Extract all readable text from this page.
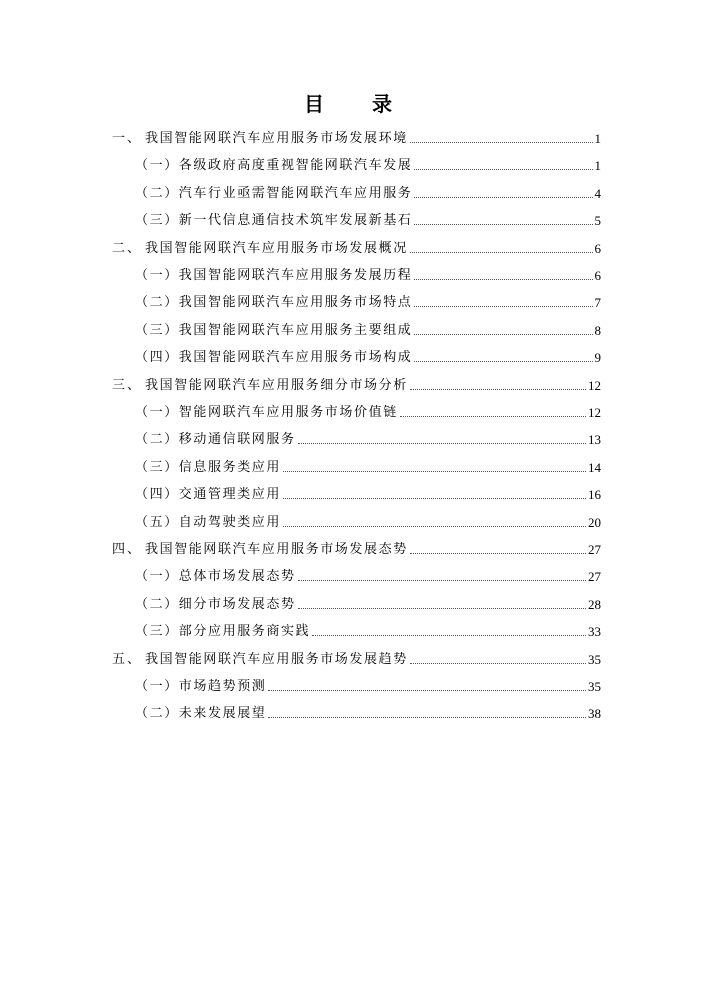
目　录
一、 我国智能网联汽车应用服务市场发展环境	1
（一）各级政府高度重视智能网联汽车发展	1
（二）汽车行业亟需智能网联汽车应用服务	4
（三）新一代信息通信技术筑牢发展新基石	5
二、 我国智能网联汽车应用服务市场发展概况	6
（一）我国智能网联汽车应用服务发展历程	6
（二）我国智能网联汽车应用服务市场特点	7
（三）我国智能网联汽车应用服务主要组成	8
（四）我国智能网联汽车应用服务市场构成	9
三、 我国智能网联汽车应用服务细分市场分析	12
（一）智能网联汽车应用服务市场价值链	12
（二）移动通信联网服务	13
（三）信息服务类应用	14
（四）交通管理类应用	16
（五）自动驾驶类应用	20
四、 我国智能网联汽车应用服务市场发展态势	27
（一）总体市场发展态势	27
（二）细分市场发展态势	28
（三）部分应用服务商实践	33
五、 我国智能网联汽车应用服务市场发展趋势	35
（一）市场趋势预测	35
（二）未来发展展望	38
